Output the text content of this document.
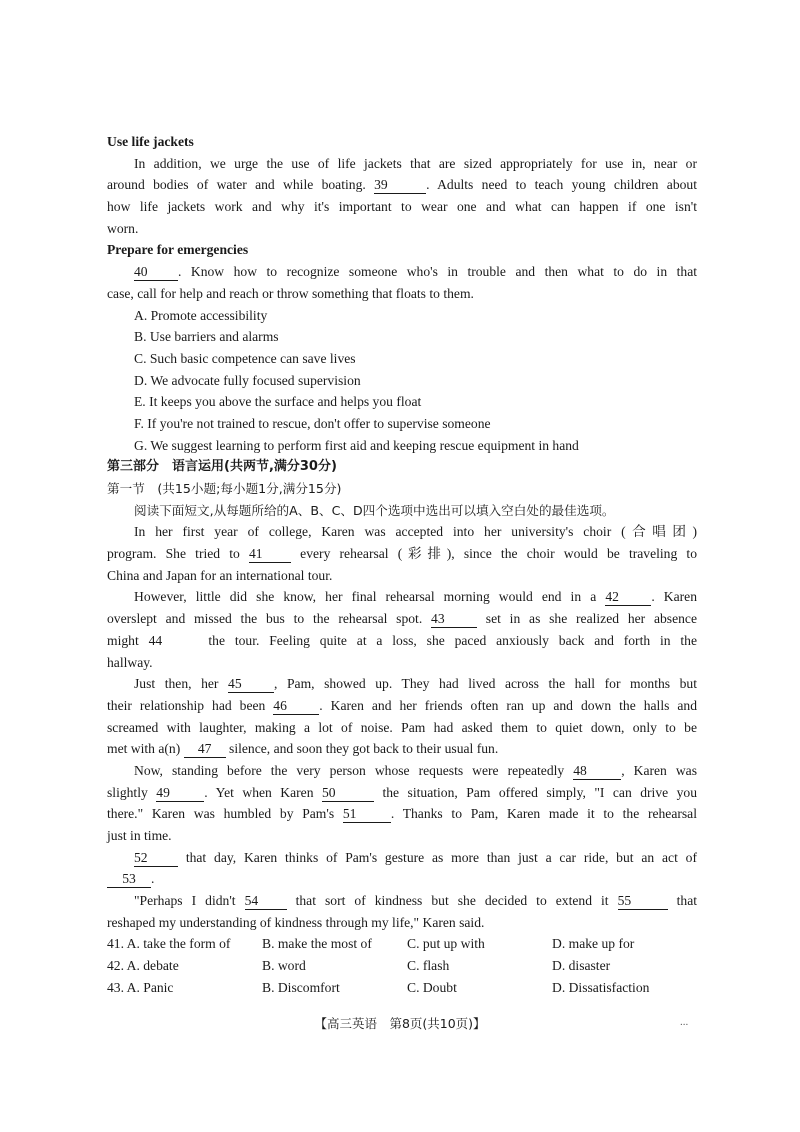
Use life jackets
In addition, we urge the use of life jackets that are sized appropriately for use in, near or
around bodies of water and while boating. 39	. Adults need to teach young children about
how life jackets work and why it's important to wear one and what can happen if one isn't
worn.
Prepare for emergencies
40 . Know how to recognize someone who's in trouble and then what to do in that
case, call for help and reach or throw something that floats to them.
A. Promote accessibility
B. Use barriers and alarms
C. Such basic competence can save lives
D. We advocate fully focused supervision
E. It keeps you above the surface and helps you float
F. If you're not trained to rescue, don't offer to supervise someone
G. We suggest learning to perform first aid and keeping rescue equipment in hand
第三部分　语言运用(共两节,满分30分)
第一节　(共15小题;每小题1分,满分15分)
阅读下面短文,从每题所给的A、B、C、D四个选项中选出可以填入空白处的最佳选项。
In her first year of college, Karen was accepted into her university's choir (合唱团)
program. She tried to 41	every rehearsal (彩排), since the choir would be traveling to
China and Japan for an international tour.
However, little did she know, her final rehearsal morning would end in a 42 . Karen
overslept and missed the bus to the rehearsal spot. 43	set in as she realized her absence
might 44	the tour. Feeling quite at a loss, she paced anxiously back and forth in the
hallway.
Just then, her 45 , Pam, showed up. They had lived across the hall for months but
their relationship had been 46 . Karen and her friends often ran up and down the halls and
screamed with laughter, making a lot of noise. Pam had asked them to quiet down, only to be
met with a(n) 47 silence, and soon they got back to their usual fun.
Now, standing before the very person whose requests were repeatedly 48	, Karen was
slightly 49	. Yet when Karen 50	the situation, Pam offered simply, "I can drive you
there." Karen was humbled by Pam's 51	. Thanks to Pam, Karen made it to the rehearsal
just in time.
52	that day, Karen thinks of Pam's gesture as more than just a car ride, but an act of
53 .
"Perhaps I didn't 54	that sort of kindness but she decided to extend it 55	that
reshaped my understanding of kindness through my life," Karen said.
41. A. take the form of	B. make the most of	C. put up with	D. make up for
42. A. debate	B. word	C. flash	D. disaster
43. A. Panic	B. Discomfort	C. Doubt	D. Dissatisfaction
【高三英语　第8页(共10页)】	...
